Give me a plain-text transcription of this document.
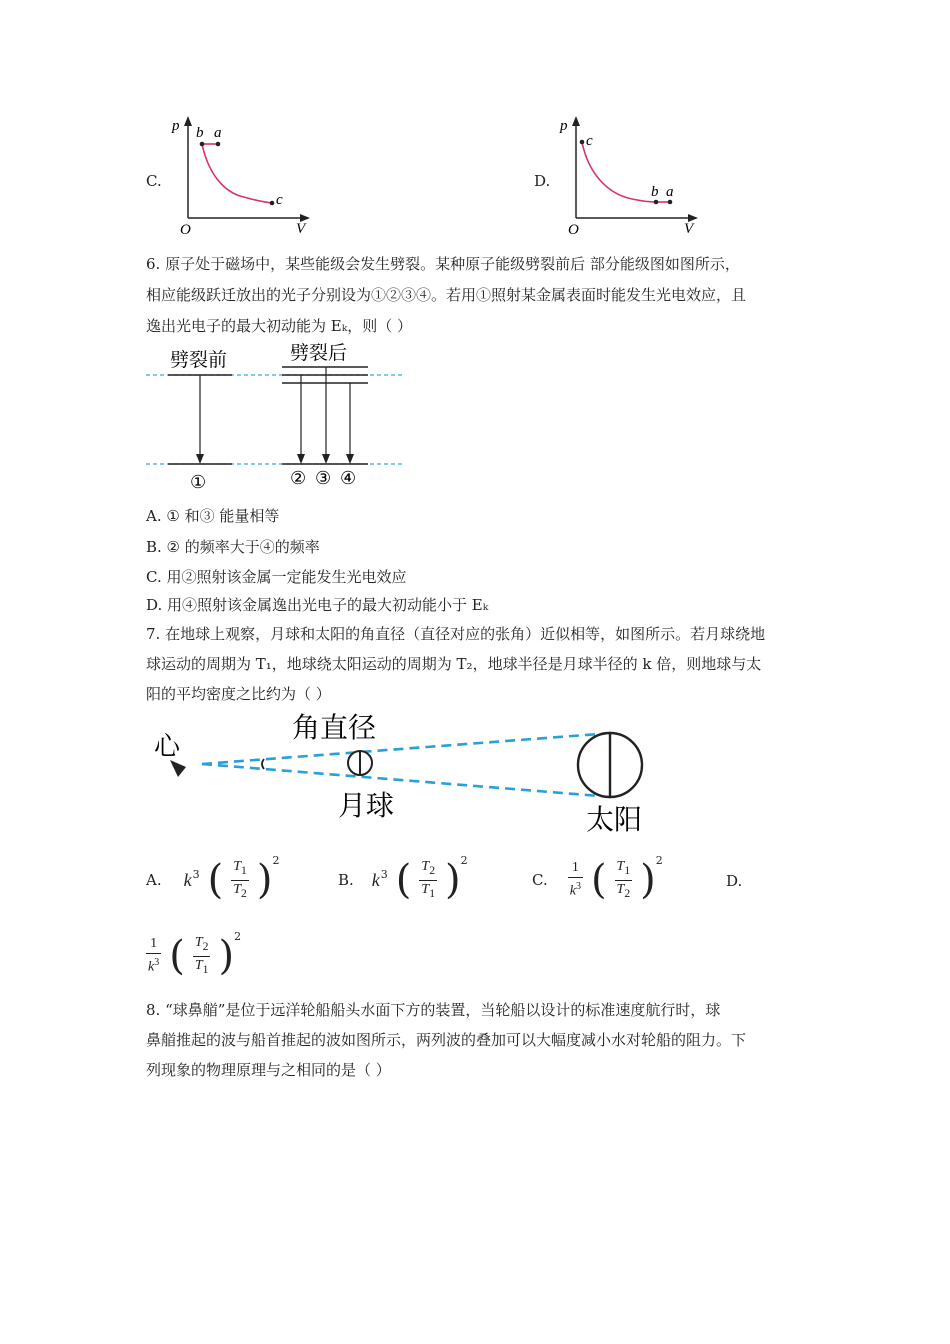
C.
p b a
c
O	V
D.
p
c
b a
O	V
6. 原子处于磁场中，某些能级会发生劈裂。某种原子能级劈裂前后 部分能级图如图所示，
相应能级跃迁放出的光子分别设为①②③④。若用①照射某金属表面时能发生光电效应，且
逸出光电子的最大初动能为 Eₖ，则（ ）
劈裂前	劈裂后
①	② ③ ④
A. ① 和③ 能量相等
B. ② 的频率大于④的频率
C. 用②照射该金属一定能发生光电效应
D. 用④照射该金属逸出光电子的最大初动能小于 Eₖ
7. 在地球上观察，月球和太阳的角直径（直径对应的张角）近似相等，如图所示。若月球绕地
球运动的周期为 T₁，地球绕太阳运动的周期为 T₂，地球半径是月球半径的 k 倍，则地球与太
阳的平均密度之比约为（ ）
心
角直径
月球	太阳
A. $k^3$ ( $\frac{T_1}{T_2} )^2$
B. $k^3$ ( $\frac{T_2}{T_1} )^2$
C. $\frac{1}{k^3}$ ( $\frac{T_1}{T_2} )^2$
D.
$\frac{1}{k^3}$ ( $\frac{T_2}{T_1} )^2$
8. “球鼻艏”是位于远洋轮船船头水面下方的装置，当轮船以设计的标准速度航行时，球
鼻艏推起的波与船首推起的波如图所示，两列波的叠加可以大幅度减小水对轮船的阻力。下
列现象的物理原理与之相同的是（ ）
